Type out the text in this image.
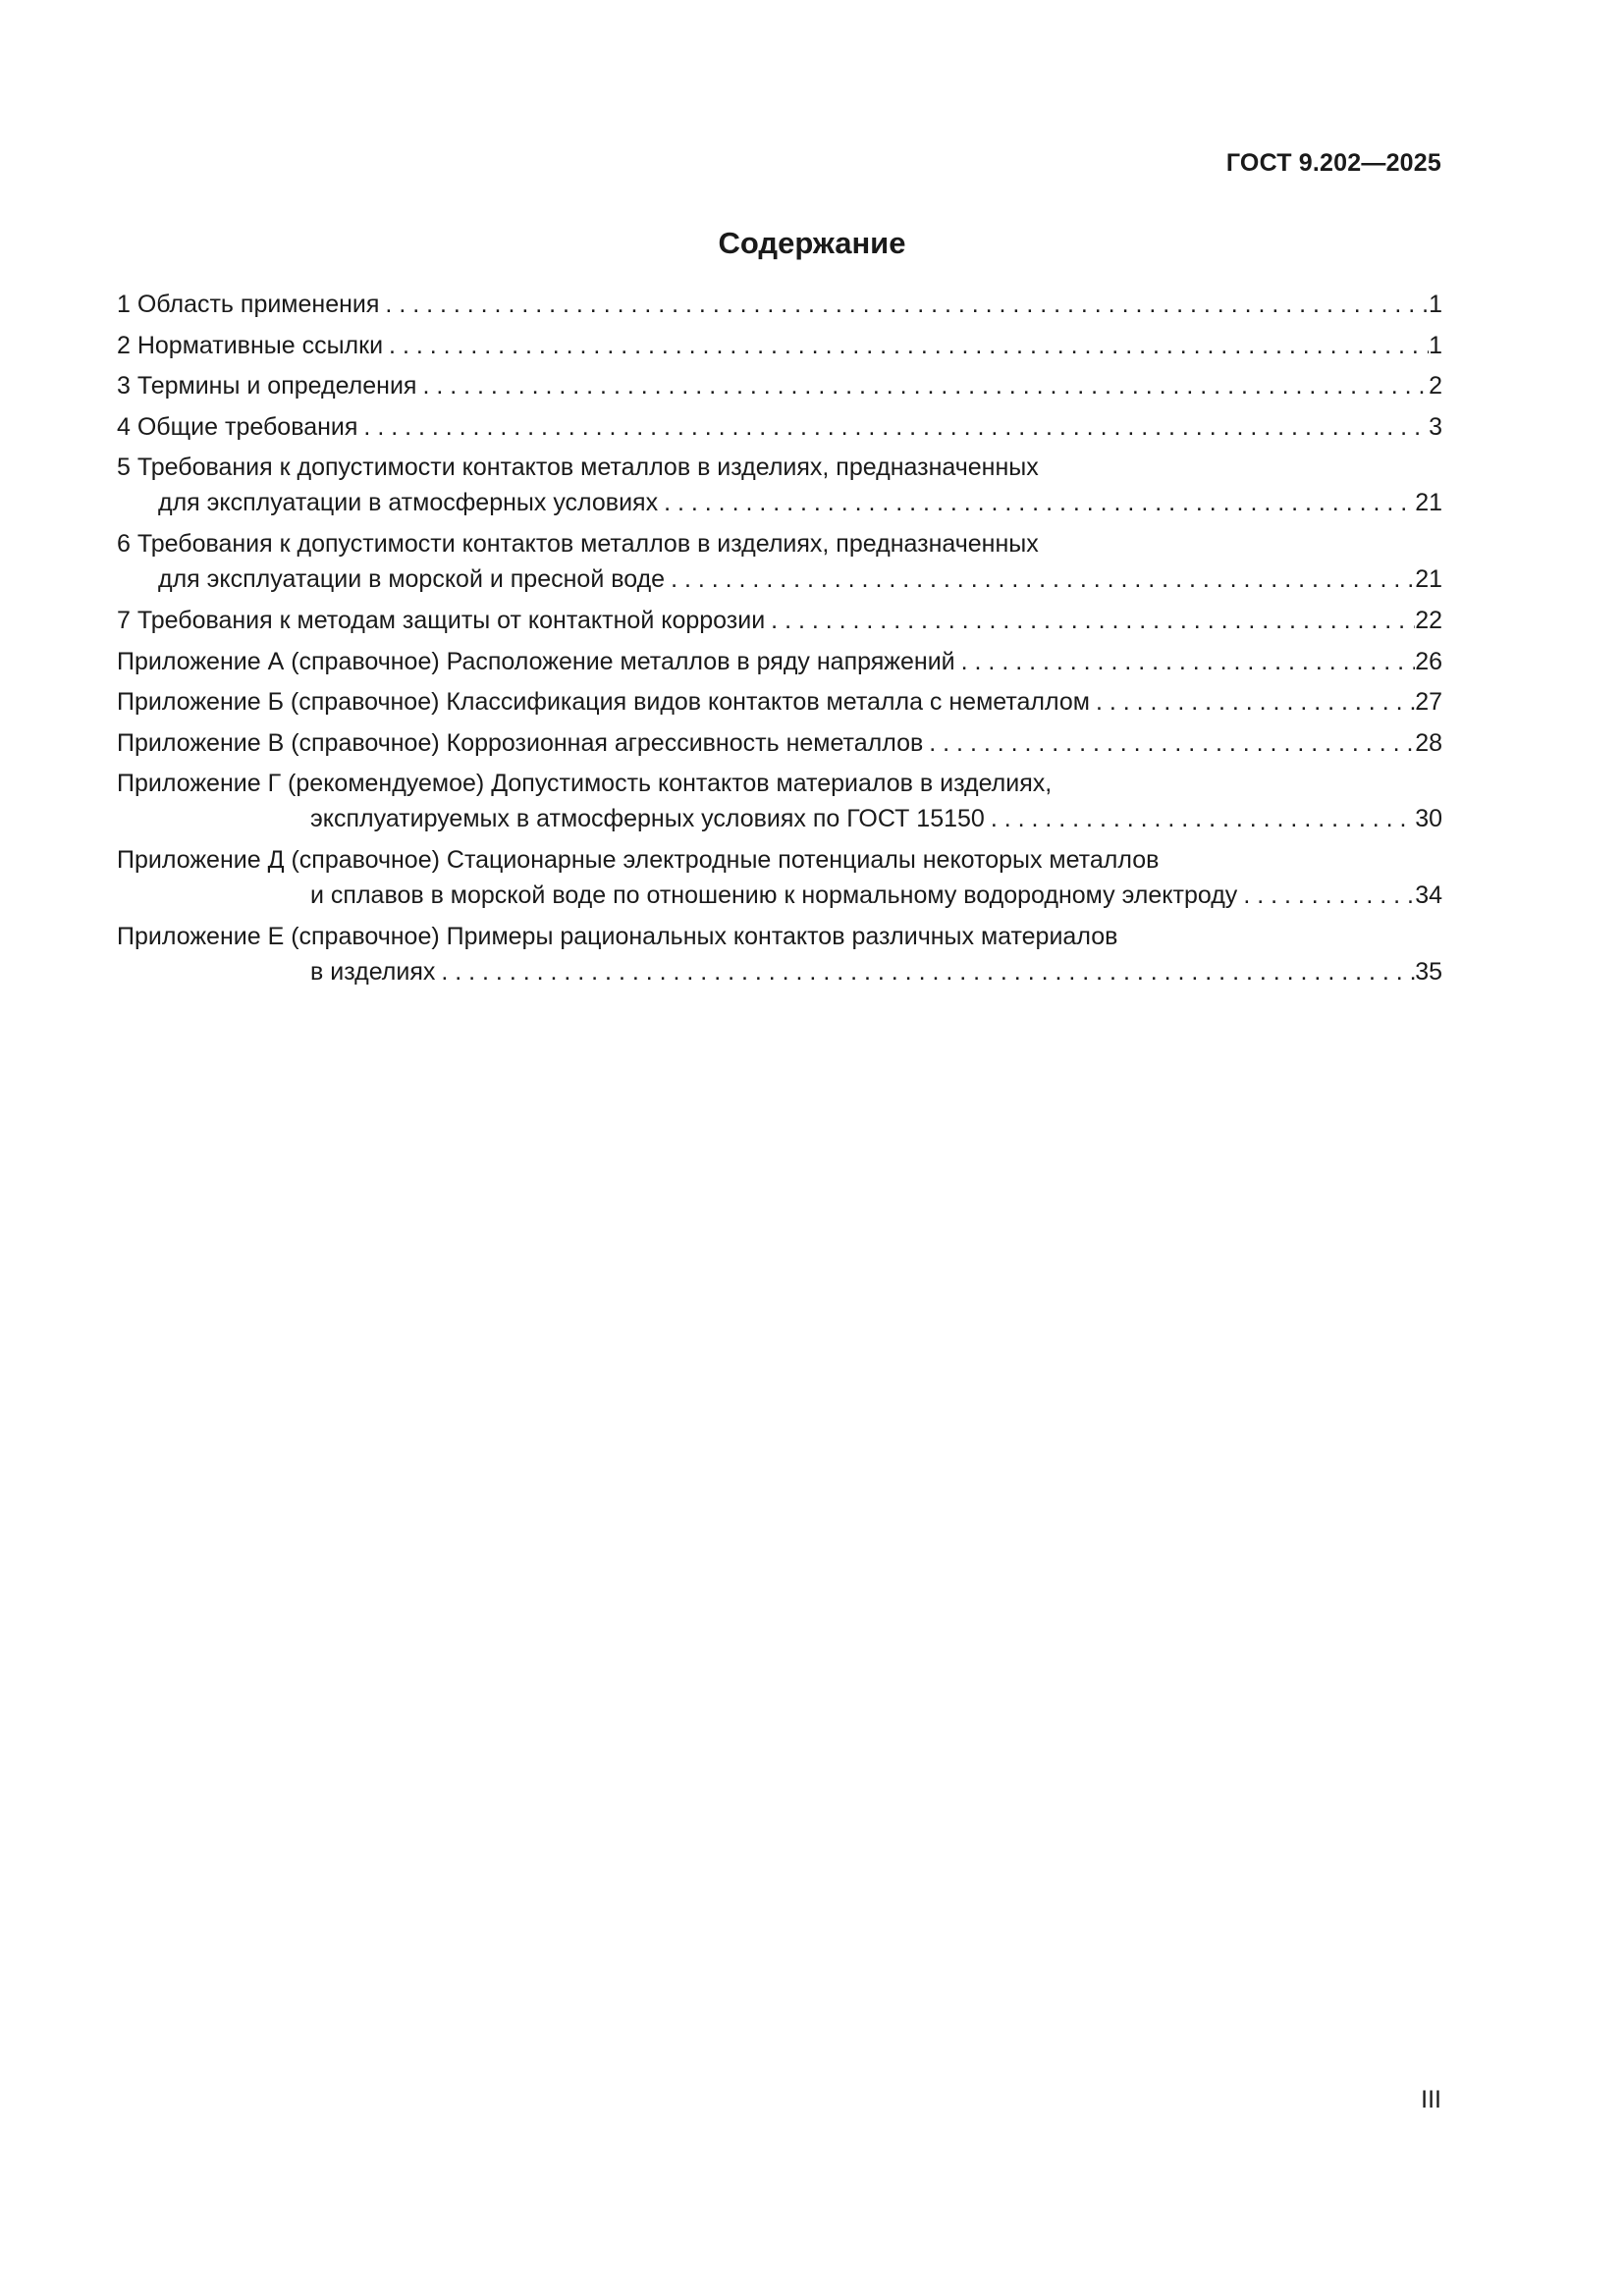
ГОСТ 9.202—2025
Содержание
1 Область применения . . .	1
2 Нормативные ссылки . . .	1
3 Термины и определения . . .	2
4 Общие требования . . .	3
5 Требования к допустимости контактов металлов в изделиях, предназначенных
для эксплуатации в атмосферных условиях . . .	21
6 Требования к допустимости контактов металлов в изделиях, предназначенных
для эксплуатации в морской и пресной воде . . .	21
7 Требования к методам защиты от контактной коррозии . . .	22
Приложение А (справочное) Расположение металлов в ряду напряжений . . .	26
Приложение Б (справочное) Классификация видов контактов металла с неметаллом . . .	27
Приложение В (справочное) Коррозионная агрессивность неметаллов . . .	28
Приложение Г (рекомендуемое) Допустимость контактов материалов в изделиях,
эксплуатируемых в атмосферных условиях по ГОСТ 15150 . . .	30
Приложение Д (справочное) Стационарные электродные потенциалы некоторых металлов
и сплавов в морской воде по отношению к нормальному водородному электроду . . .	34
Приложение Е (справочное) Примеры рациональных контактов различных материалов
в изделиях . . .	35
III
